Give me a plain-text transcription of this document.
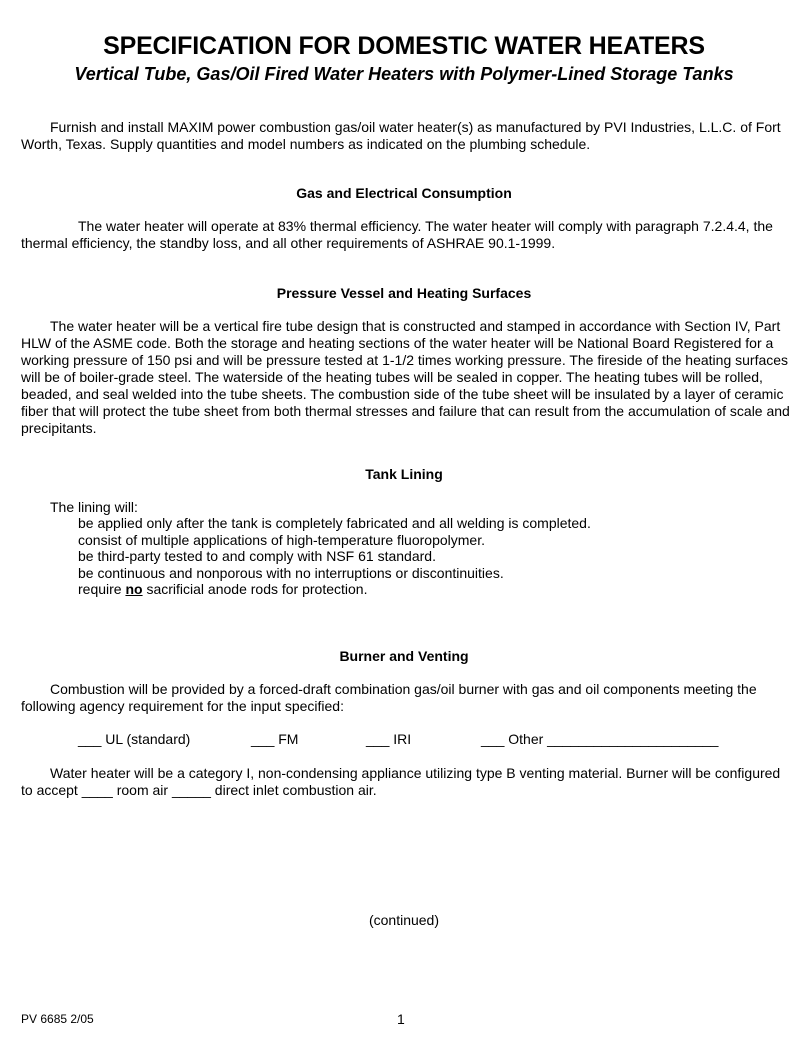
SPECIFICATION FOR DOMESTIC WATER HEATERS
Vertical Tube, Gas/Oil Fired Water Heaters with Polymer-Lined Storage Tanks
Furnish and install MAXIM power combustion gas/oil water heater(s) as manufactured by PVI Industries, L.L.C. of Fort Worth, Texas. Supply quantities and model numbers as indicated on the plumbing schedule.
Gas and Electrical Consumption
The water heater will operate at 83% thermal efficiency. The water heater will comply with paragraph 7.2.4.4, the thermal efficiency, the standby loss, and all other requirements of ASHRAE 90.1-1999.
Pressure Vessel and Heating Surfaces
The water heater will be a vertical fire tube design that is constructed and stamped in accordance with Section IV, Part HLW of the ASME code. Both the storage and heating sections of the water heater will be National Board Registered for a working pressure of 150 psi and will be pressure tested at 1-1/2 times working pressure. The fireside of the heating surfaces will be of boiler-grade steel. The waterside of the heating tubes will be sealed in copper. The heating tubes will be rolled, beaded, and seal welded into the tube sheets. The combustion side of the tube sheet will be insulated by a layer of ceramic fiber that will protect the tube sheet from both thermal stresses and failure that can result from the accumulation of scale and precipitants.
Tank Lining
The lining will:
be applied only after the tank is completely fabricated and all welding is completed.
consist of multiple applications of high-temperature fluoropolymer.
be third-party tested to and comply with NSF 61 standard.
be continuous and nonporous with no interruptions or discontinuities.
require no sacrificial anode rods for protection.
Burner and Venting
Combustion will be provided by a forced-draft combination gas/oil burner with gas and oil components meeting the following agency requirement for the input specified:
___ UL (standard)	___ FM	___ IRI	___ Other ______________________
Water heater will be a category I, non-condensing appliance utilizing type B venting material. Burner will be configured to accept ____ room air _____ direct inlet combustion air.
(continued)
PV 6685 2/05	1
